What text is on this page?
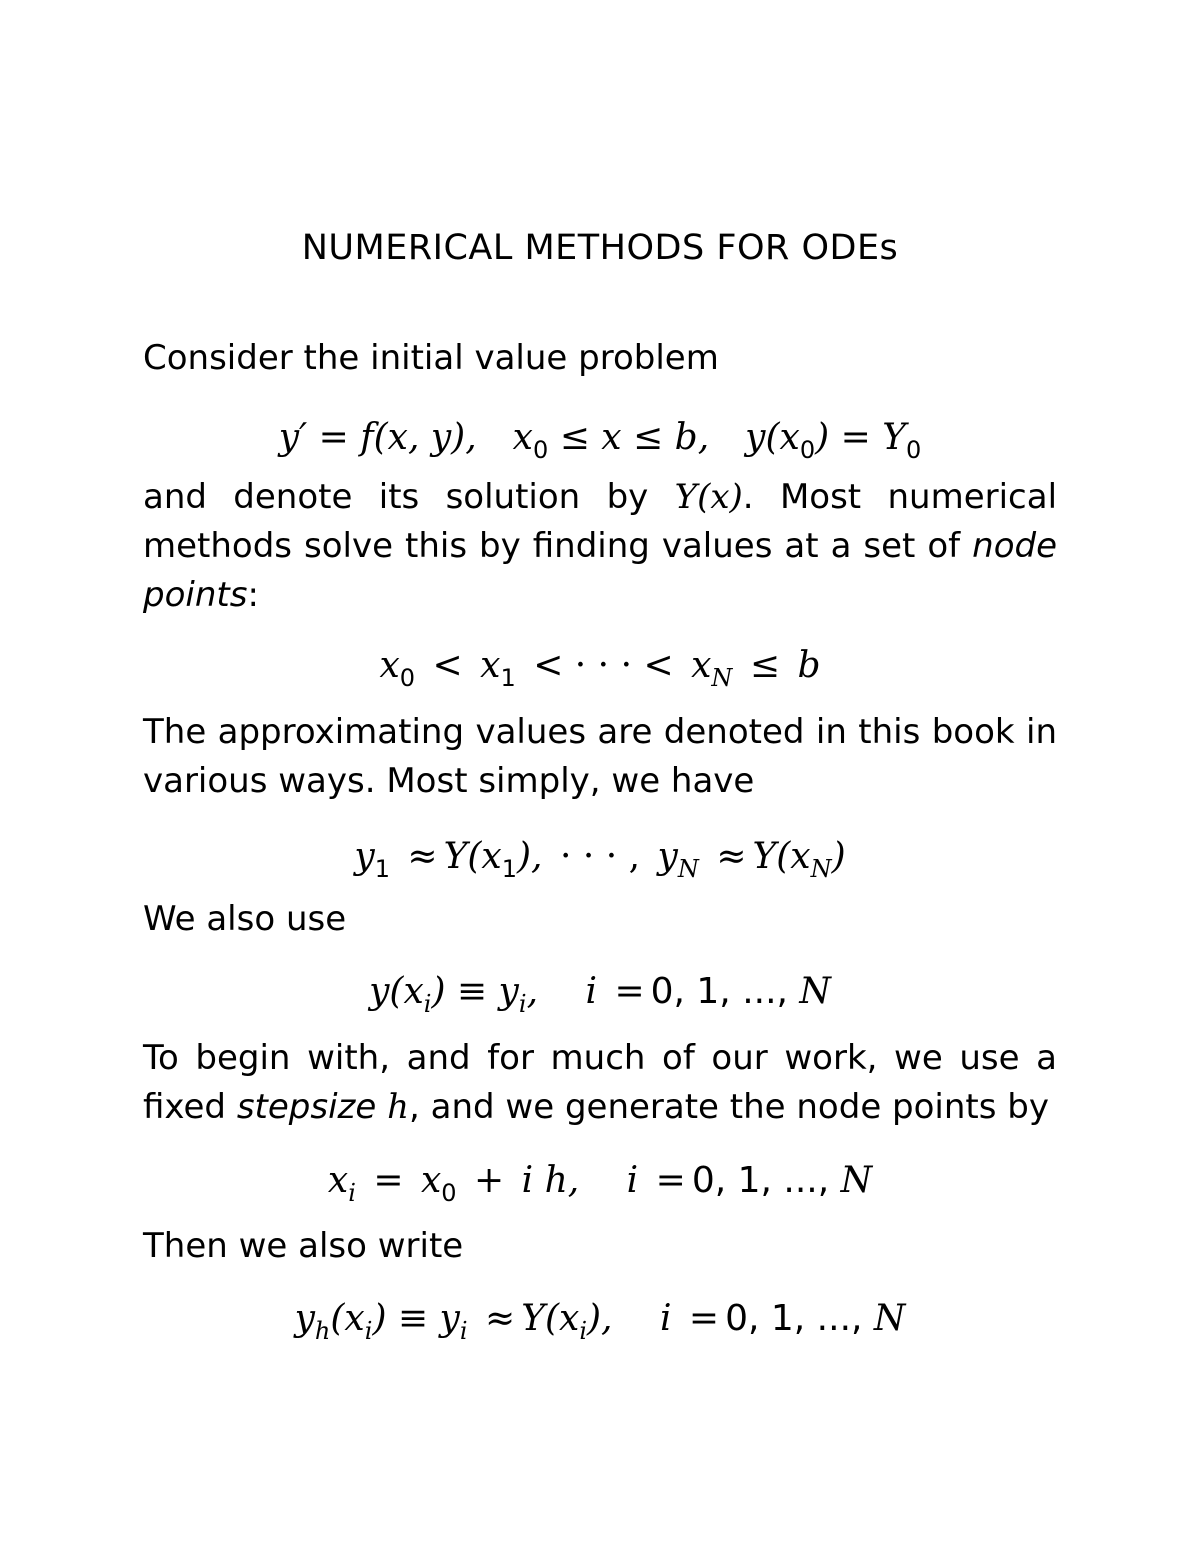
NUMERICAL METHODS FOR ODEs
Consider the initial value problem
y′ = f(x, y), $x_0 \le x \le b$, $y(x_0) = Y_0$
and denote its solution by Y(x). Most numerical methods solve this by finding values at a set of node points:
$x_0 < x_1$ < · · · < $x_N \le b$
The approximating values are denoted in this book in various ways. Most simply, we have
$y_1 \approx Y(x_1)$, · · · , $y_N \approx Y(x_N)$
We also use
$y(x_i) \equiv y_i$, i = 0, 1, ..., N
To begin with, and for much of our work, we use a fixed stepsize h, and we generate the node points by
$x_i = x_0 + i$ h, i = 0, 1, ..., N
Then we also write
$y_h(x_i) \equiv y_i \approx Y(x_i)$, i = 0, 1, ..., N
